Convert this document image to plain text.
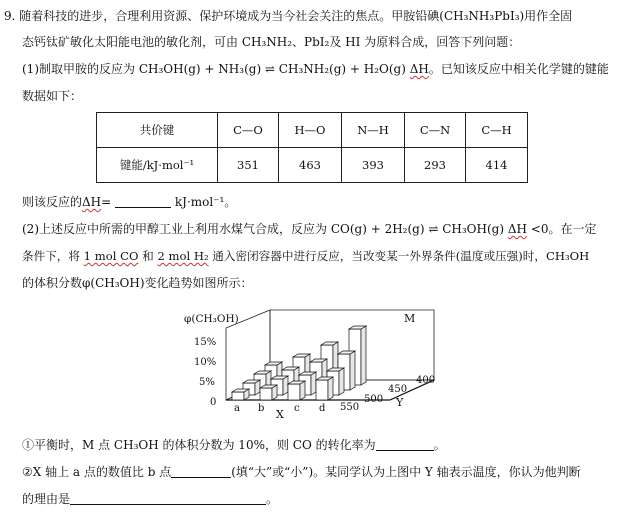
9. 随着科技的进步，合理利用资源、保护环境成为当今社会关注的焦点。甲胺铅碘(CH₃NH₃PbI₃)用作全固
态钙钛矿敏化太阳能电池的敏化剂，可由 CH₃NH₂、PbI₂及 HI 为原料合成，回答下列问题：
(1)制取甲胺的反应为 CH₃OH(g) + NH₃(g) ⇌ CH₃NH₂(g) + H₂O(g) ΔH。已知该反应中相关化学键的键能
数据如下：
共价键	C—O	H—O	N—H	C—N	C—H
键能/kJ·mol⁻¹	351	463	393	293	414
则该反应的ΔH=	kJ·mol⁻¹。
(2)上述反应中所需的甲醇工业上利用水煤气合成，反应为 CO(g) + 2H₂(g) ⇌ CH₃OH(g) ΔH <0。在一定
条件下，将 1 mol CO 和 2 mol H₂ 通入密闭容器中进行反应，当改变某一外界条件(温度或压强)时，CH₃OH
的体积分数φ(CH₃OH)变化趋势如图所示：
φ(CH₃OH)
15%
10%
5%
0
a b	c d
X
550
500
450
400
Y
M
①平衡时，M 点 CH₃OH 的体积分数为 10%，则 CO 的转化率为	。
②X 轴上 a 点的数值比 b 点	(填“大”或“小”)。某同学认为上图中 Y 轴表示温度，你认为他判断
的理由是	。
